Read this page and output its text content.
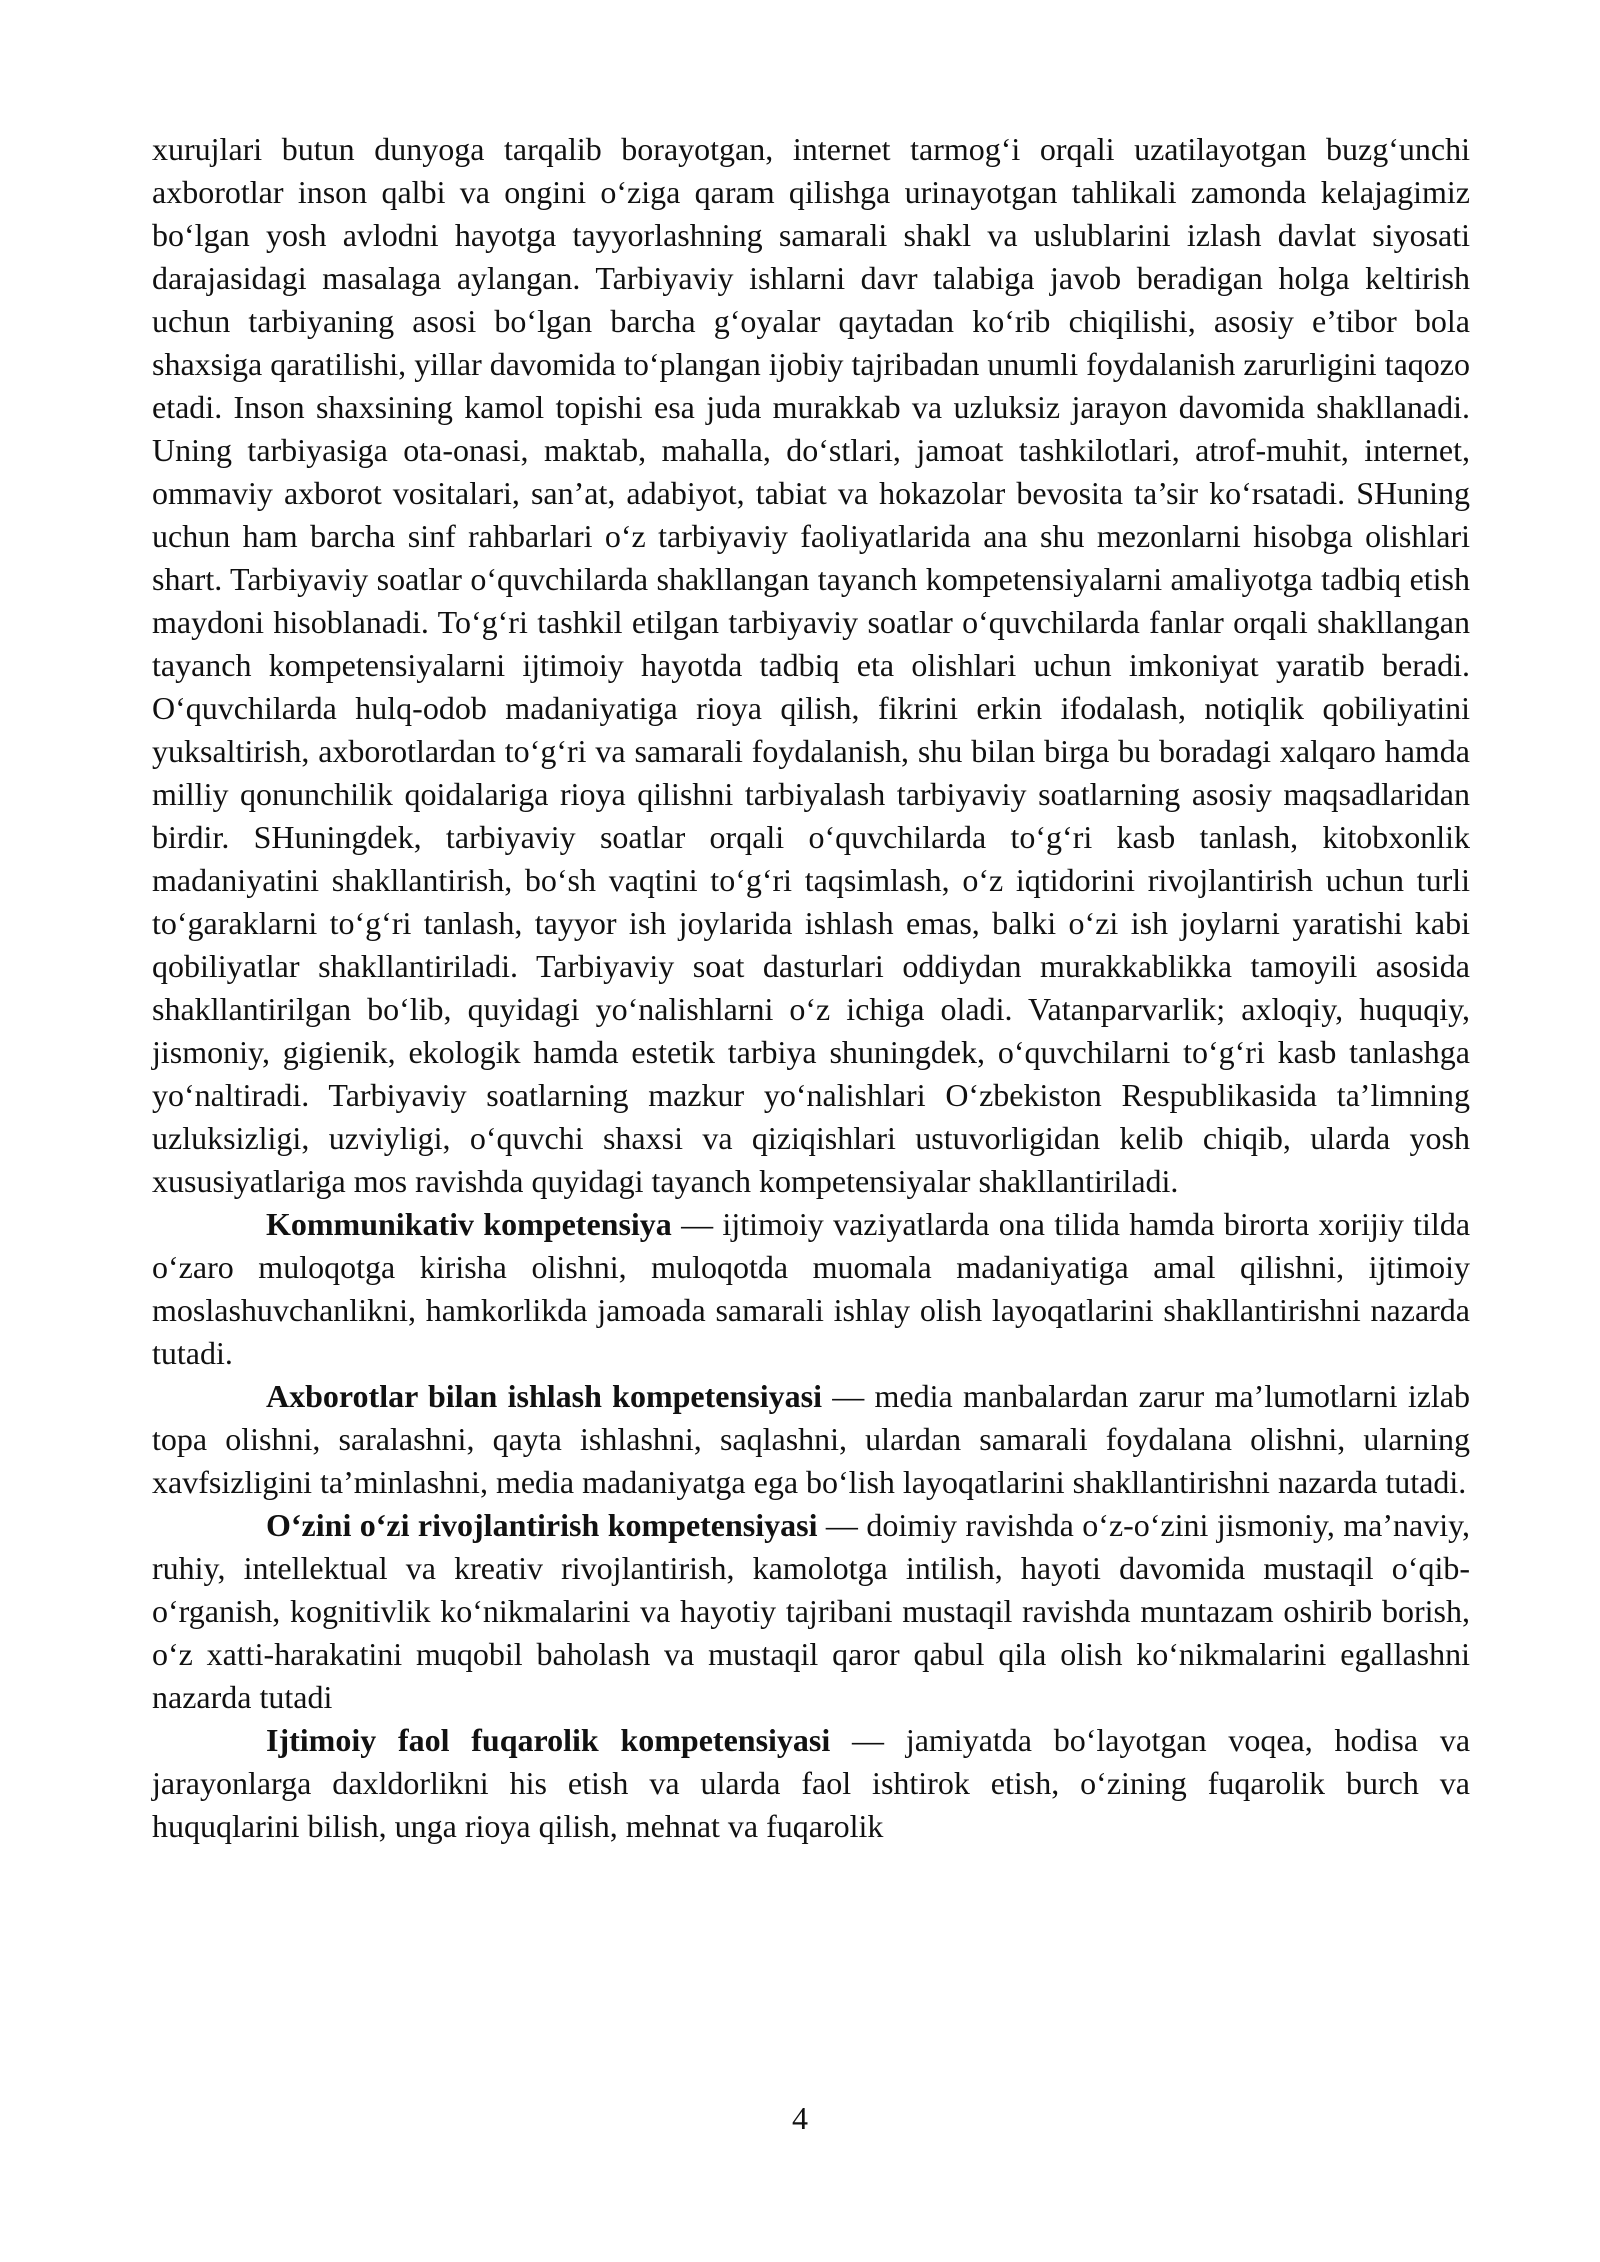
xurujlari butun dunyoga tarqalib borayotgan, internet tarmog‘i orqali uzatilayotgan buzg‘unchi axborotlar inson qalbi va ongini o‘ziga qaram qilishga urinayotgan tahlikali zamonda kelajagimiz bo‘lgan yosh avlodni hayotga tayyorlashning samarali shakl va uslublarini izlash davlat siyosati darajasidagi masalaga aylangan. Tarbiyaviy ishlarni davr talabiga javob beradigan holga keltirish uchun tarbiyaning asosi bo‘lgan barcha g‘oyalar qaytadan ko‘rib chiqilishi, asosiy e’tibor bola shaxsiga qaratilishi, yillar davomida to‘plangan ijobiy tajribadan unumli foydalanish zarurligini taqozo etadi. Inson shaxsining kamol topishi esa juda murakkab va uzluksiz jarayon davomida shakllanadi. Uning tarbiyasiga ota-onasi, maktab, mahalla, do‘stlari, jamoat tashkilotlari, atrof-muhit, internet, ommaviy axborot vositalari, san’at, adabiyot, tabiat va hokazolar bevosita ta’sir ko‘rsatadi. SHuning uchun ham barcha sinf rahbarlari o‘z tarbiyaviy faoliyatlarida ana shu mezonlarni hisobga olishlari shart. Tarbiyaviy soatlar o‘quvchilarda shakllangan tayanch kompetensiyalarni amaliyotga tadbiq etish maydoni hisoblanadi. To‘g‘ri tashkil etilgan tarbiyaviy soatlar o‘quvchilarda fanlar orqali shakllangan tayanch kompetensiyalarni ijtimoiy hayotda tadbiq eta olishlari uchun imkoniyat yaratib beradi. O‘quvchilarda hulq-odob madaniyatiga rioya qilish, fikrini erkin ifodalash, notiqlik qobiliyatini yuksaltirish, axborotlardan to‘g‘ri va samarali foydalanish, shu bilan birga bu boradagi xalqaro hamda milliy qonunchilik qoidalariga rioya qilishni tarbiyalash tarbiyaviy soatlarning asosiy maqsadlaridan birdir. SHuningdek, tarbiyaviy soatlar orqali o‘quvchilarda to‘g‘ri kasb tanlash, kitobxonlik madaniyatini shakllantirish, bo‘sh vaqtini to‘g‘ri taqsimlash, o‘z iqtidorini rivojlantirish uchun turli to‘garaklarni to‘g‘ri tanlash, tayyor ish joylarida ishlash emas, balki o‘zi ish joylarni yaratishi kabi qobiliyatlar shakllantiriladi. Tarbiyaviy soat dasturlari oddiydan murakkablikka tamoyili asosida shakllantirilgan bo‘lib, quyidagi yo‘nalishlarni o‘z ichiga oladi. Vatanparvarlik; axloqiy, huquqiy, jismoniy, gigienik, ekologik hamda estetik tarbiya shuningdek, o‘quvchilarni to‘g‘ri kasb tanlashga yo‘naltiradi. Tarbiyaviy soatlarning mazkur yo‘nalishlari O‘zbekiston Respublikasida ta’limning uzluksizligi, uzviyligi, o‘quvchi shaxsi va qiziqishlari ustuvorligidan kelib chiqib, ularda yosh xususiyatlariga mos ravishda quyidagi tayanch kompetensiyalar shakllantiriladi.

Kommunikativ kompetensiya — ijtimoiy vaziyatlarda ona tilida hamda birorta xorijiy tilda o‘zaro muloqotga kirisha olishni, muloqotda muomala madaniyatiga amal qilishni, ijtimoiy moslashuvchanlikni, hamkorlikda jamoada samarali ishlay olish layoqatlarini shakllantirishni nazarda tutadi.

Axborotlar bilan ishlash kompetensiyasi — media manbalardan zarur ma’lumotlarni izlab topa olishni, saralashni, qayta ishlashni, saqlashni, ulardan samarali foydalana olishni, ularning xavfsizligini ta’minlashni, media madaniyatga ega bo‘lish layoqatlarini shakllantirishni nazarda tutadi.

O‘zini o‘zi rivojlantirish kompetensiyasi — doimiy ravishda o‘z-o‘zini jismoniy, ma’naviy, ruhiy, intellektual va kreativ rivojlantirish, kamolotga intilish, hayoti davomida mustaqil o‘qib-o‘rganish, kognitivlik ko‘nikmalarini va hayotiy tajribani mustaqil ravishda muntazam oshirib borish, o‘z xatti-harakatini muqobil baholash va mustaqil qaror qabul qila olish ko‘nikmalarini egallashni nazarda tutadi

Ijtimoiy faol fuqarolik kompetensiyasi — jamiyatda bo‘layotgan voqea, hodisa va jarayonlarga daxldorlikni his etish va ularda faol ishtirok etish, o‘zining fuqarolik burch va huquqlarini bilish, unga rioya qilish, mehnat va fuqarolik

4
